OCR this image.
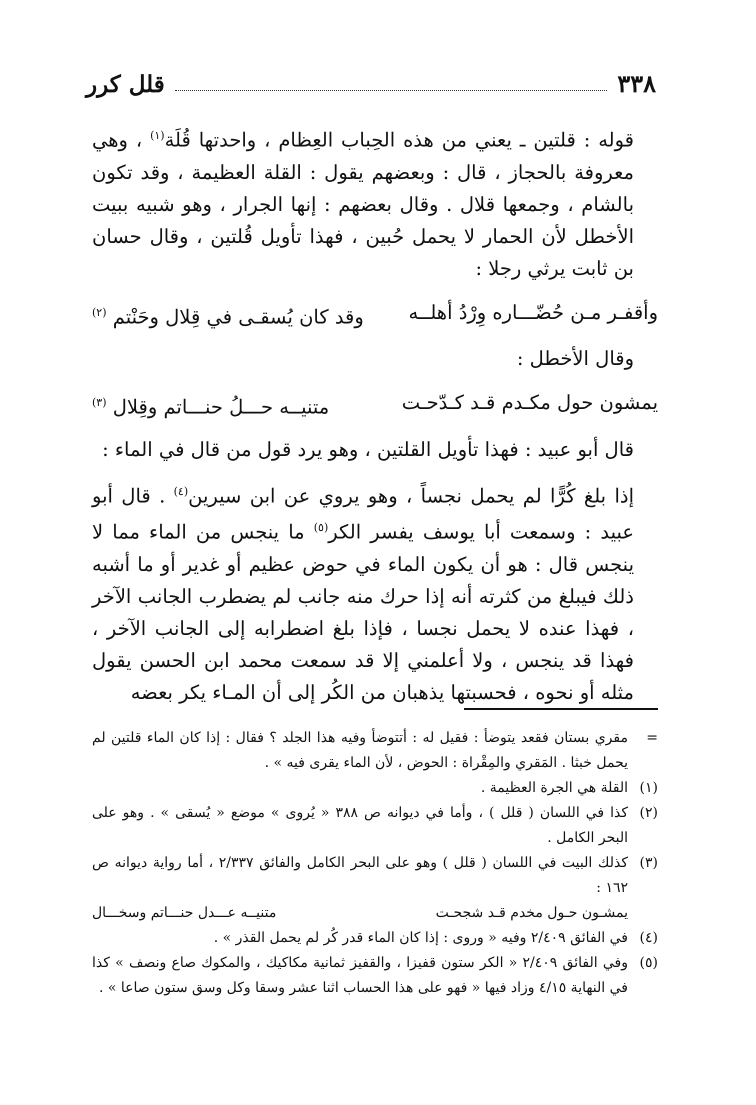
٣٣٨
قلل كرر

قوله : قلتين ـ يعني من هذه الحِباب العِظام ، واحدتها قُلَة$^{(١)}$ ، وهي معروفة بالحجاز ، قال : وبعضهم يقول : القلة العظيمة ، وقد تكون بالشام ، وجمعها قلال . وقال بعضهم : إنها الجرار ، وهو شبيه ببيت الأخطل لأن الحمار لا يحمل حُبين ، فهذا تأويل قُلتين ، وقال حسان بن ثابت يرثي رجلا :

وأقفـر مـن حُضّـــاره وِرْدُ أهلــه
وقد كان يُسقـى في قِلال وحَنْتم $^{(٢)}$

وقال الأخطل :

يمشون حول مكـدم قـد كـدّحـت
متنيــه حـــلُ حنـــاتم وقِلال $^{(٣)}$

قال أبو عبيد : فهذا تأويل القلتين ، وهو يرد قول من قال في الماء :

إذا بلغ كُرًّا لم يحمل نجساً ، وهو يروي عن ابن سيرين$^{(٤)}$ . قال أبو عبيد : وسمعت أبا يوسف يفسر الكر$^{(٥)}$ ما ينجس من الماء مما لا ينجس قال : هو أن يكون الماء في حوض عظيم أو غدير أو ما أشبه ذلك فيبلغ من كثرته أنه إذا حرك منه جانب لم يضطرب الجانب الآخر ، فهذا عنده لا يحمل نجسا ، فإذا بلغ اضطرابه إلى الجانب الآخر ، فهذا قد ينجس ، ولا أعلمني إلا قد سمعت محمد ابن الحسن يقول مثله أو نحوه ، فحسبتها يذهبان من الكُر إلى أن المـاء يكر بعضه

=
مقري بستان فقعد يتوضأ : فقيل له : أتتوضأ وفيه هذا الجلد ؟ فقال : إذا كان الماء قلتين لم يحمل خبثا . المَقري والمِقْراة : الحوض ، لأن الماء يقرى فيه » .
(١)
القلة هي الجرة العظيمة .
(٢)
كذا في اللسان ( قلل ) ، وأما في ديوانه ص ٣٨٨ « يُروى » موضع « يُسقى » . وهو على البحر الكامل .
(٣)
كذلك البيت في اللسان ( قلل ) وهو على البحر الكامل والفائق ٢/٣٣٧ ، أما رواية ديوانه ص ١٦٢ :
يمشـون حـول مخدم قـد شجحـت
متنيــه عـــدل حنـــاتم وسخـــال
(٤)
في الفائق ٢/٤٠٩ وفيه « وروى : إذا كان الماء قدر كُر لم يحمل القذر » .
(٥)
وفي الفائق ٢/٤٠٩ « الكر ستون قفيزا ، والقفيز ثمانية مكاكيك ، والمكوك صاع ونصف » كذا في النهاية ٤/١٥ وزاد فيها « فهو على هذا الحساب اثنا عشر وسقا وكل وسق ستون صاعا » .
